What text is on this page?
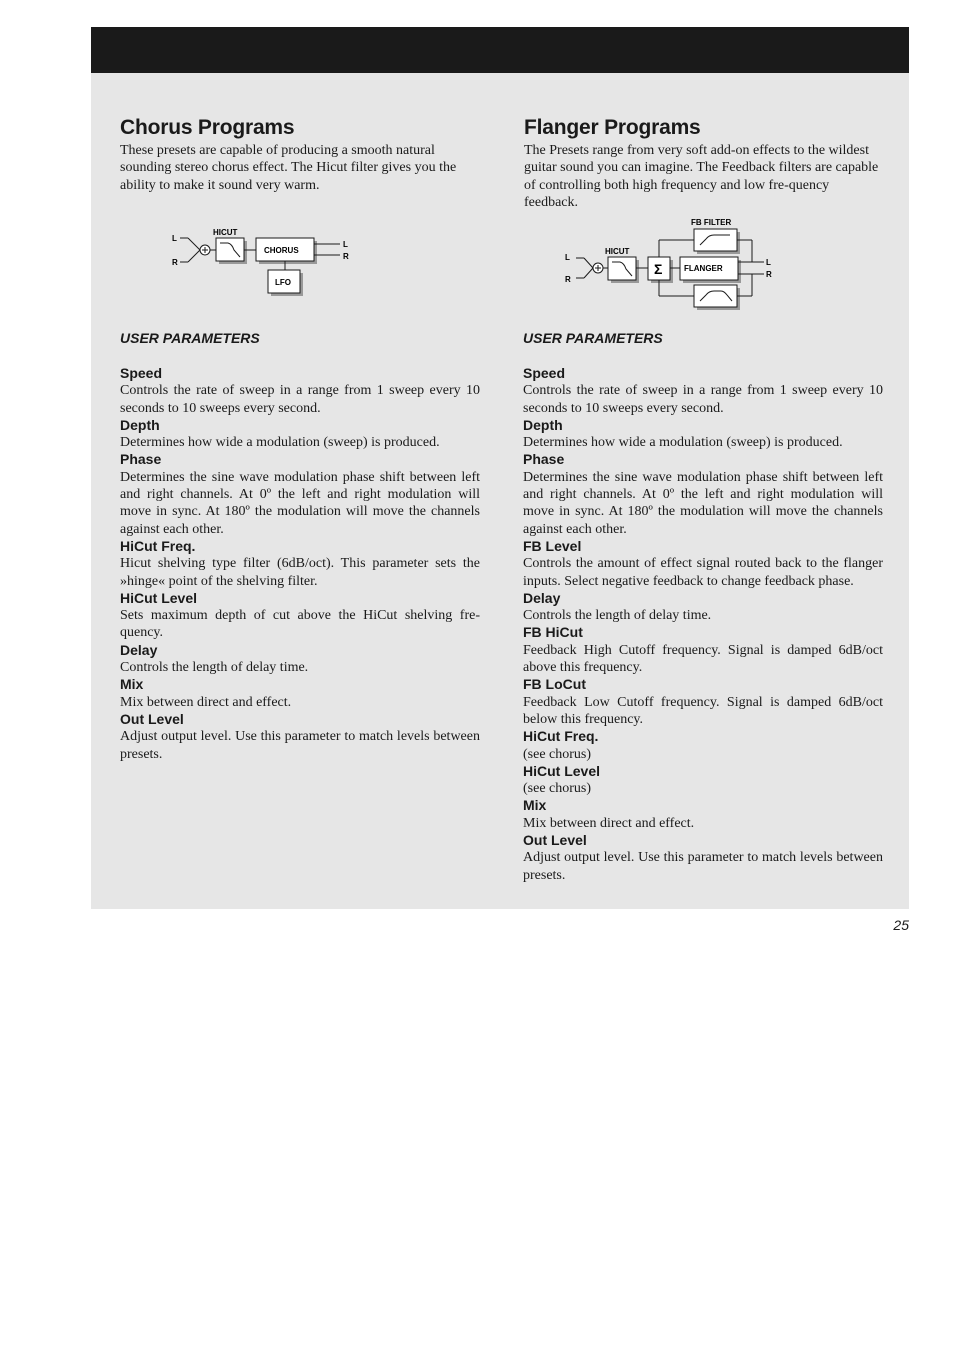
Chorus Programs

These presets are capable of producing a smooth natural sounding stereo chorus effect. The Hicut filter gives you the ability to make it sound very warm.

L
R
HICUT
CHORUS
LFO
L
R
USER PARAMETERS
Speed
Controls the rate of sweep in a range from 1 sweep every 10 seconds to 10 sweeps every second.
Depth
Determines how wide a modulation (sweep) is produced.
Phase
Determines the sine wave modulation phase shift between left and right channels. At 0º the left and right modulation will move in sync. At 180º the modulation will move the channels against each other.
HiCut Freq.
Hicut shelving type filter (6dB/oct). This parameter sets the »hinge« point of the shelving filter.
HiCut Level
Sets maximum depth of cut above the HiCut shelving fre-quency.
Delay
Controls the length of delay time.
Mix
Mix between direct and effect.
Out Level
Adjust output level. Use this parameter to match levels between presets.
Flanger Programs

The Presets range from very soft add-on effects to the wildest guitar sound you can imagine. The Feedback filters are capable of controlling both high frequency and low fre-quency feedback.

Σ
FB FILTER
HICUT
FLANGER
L
R
L
R
USER PARAMETERS
Speed
Controls the rate of sweep in a range from 1 sweep every 10 seconds to 10 sweeps every second.
Depth
Determines how wide a modulation (sweep) is produced.
Phase
Determines the sine wave modulation phase shift between left and right channels. At 0º the left and right modulation will move in sync. At 180º the modulation will move the channels against each other.
FB Level
Controls the amount of effect signal routed back to the flanger inputs. Select negative feedback to change feedback phase.
Delay
Controls the length of delay time.
FB HiCut
Feedback High Cutoff frequency. Signal is damped 6dB/oct above this frequency.
FB LoCut
Feedback Low Cutoff frequency. Signal is damped 6dB/oct below this frequency.
HiCut Freq.
(see chorus)
HiCut Level
(see chorus)
Mix
Mix between direct and effect.
Out Level
Adjust output level. Use this parameter to match levels between presets.
25
